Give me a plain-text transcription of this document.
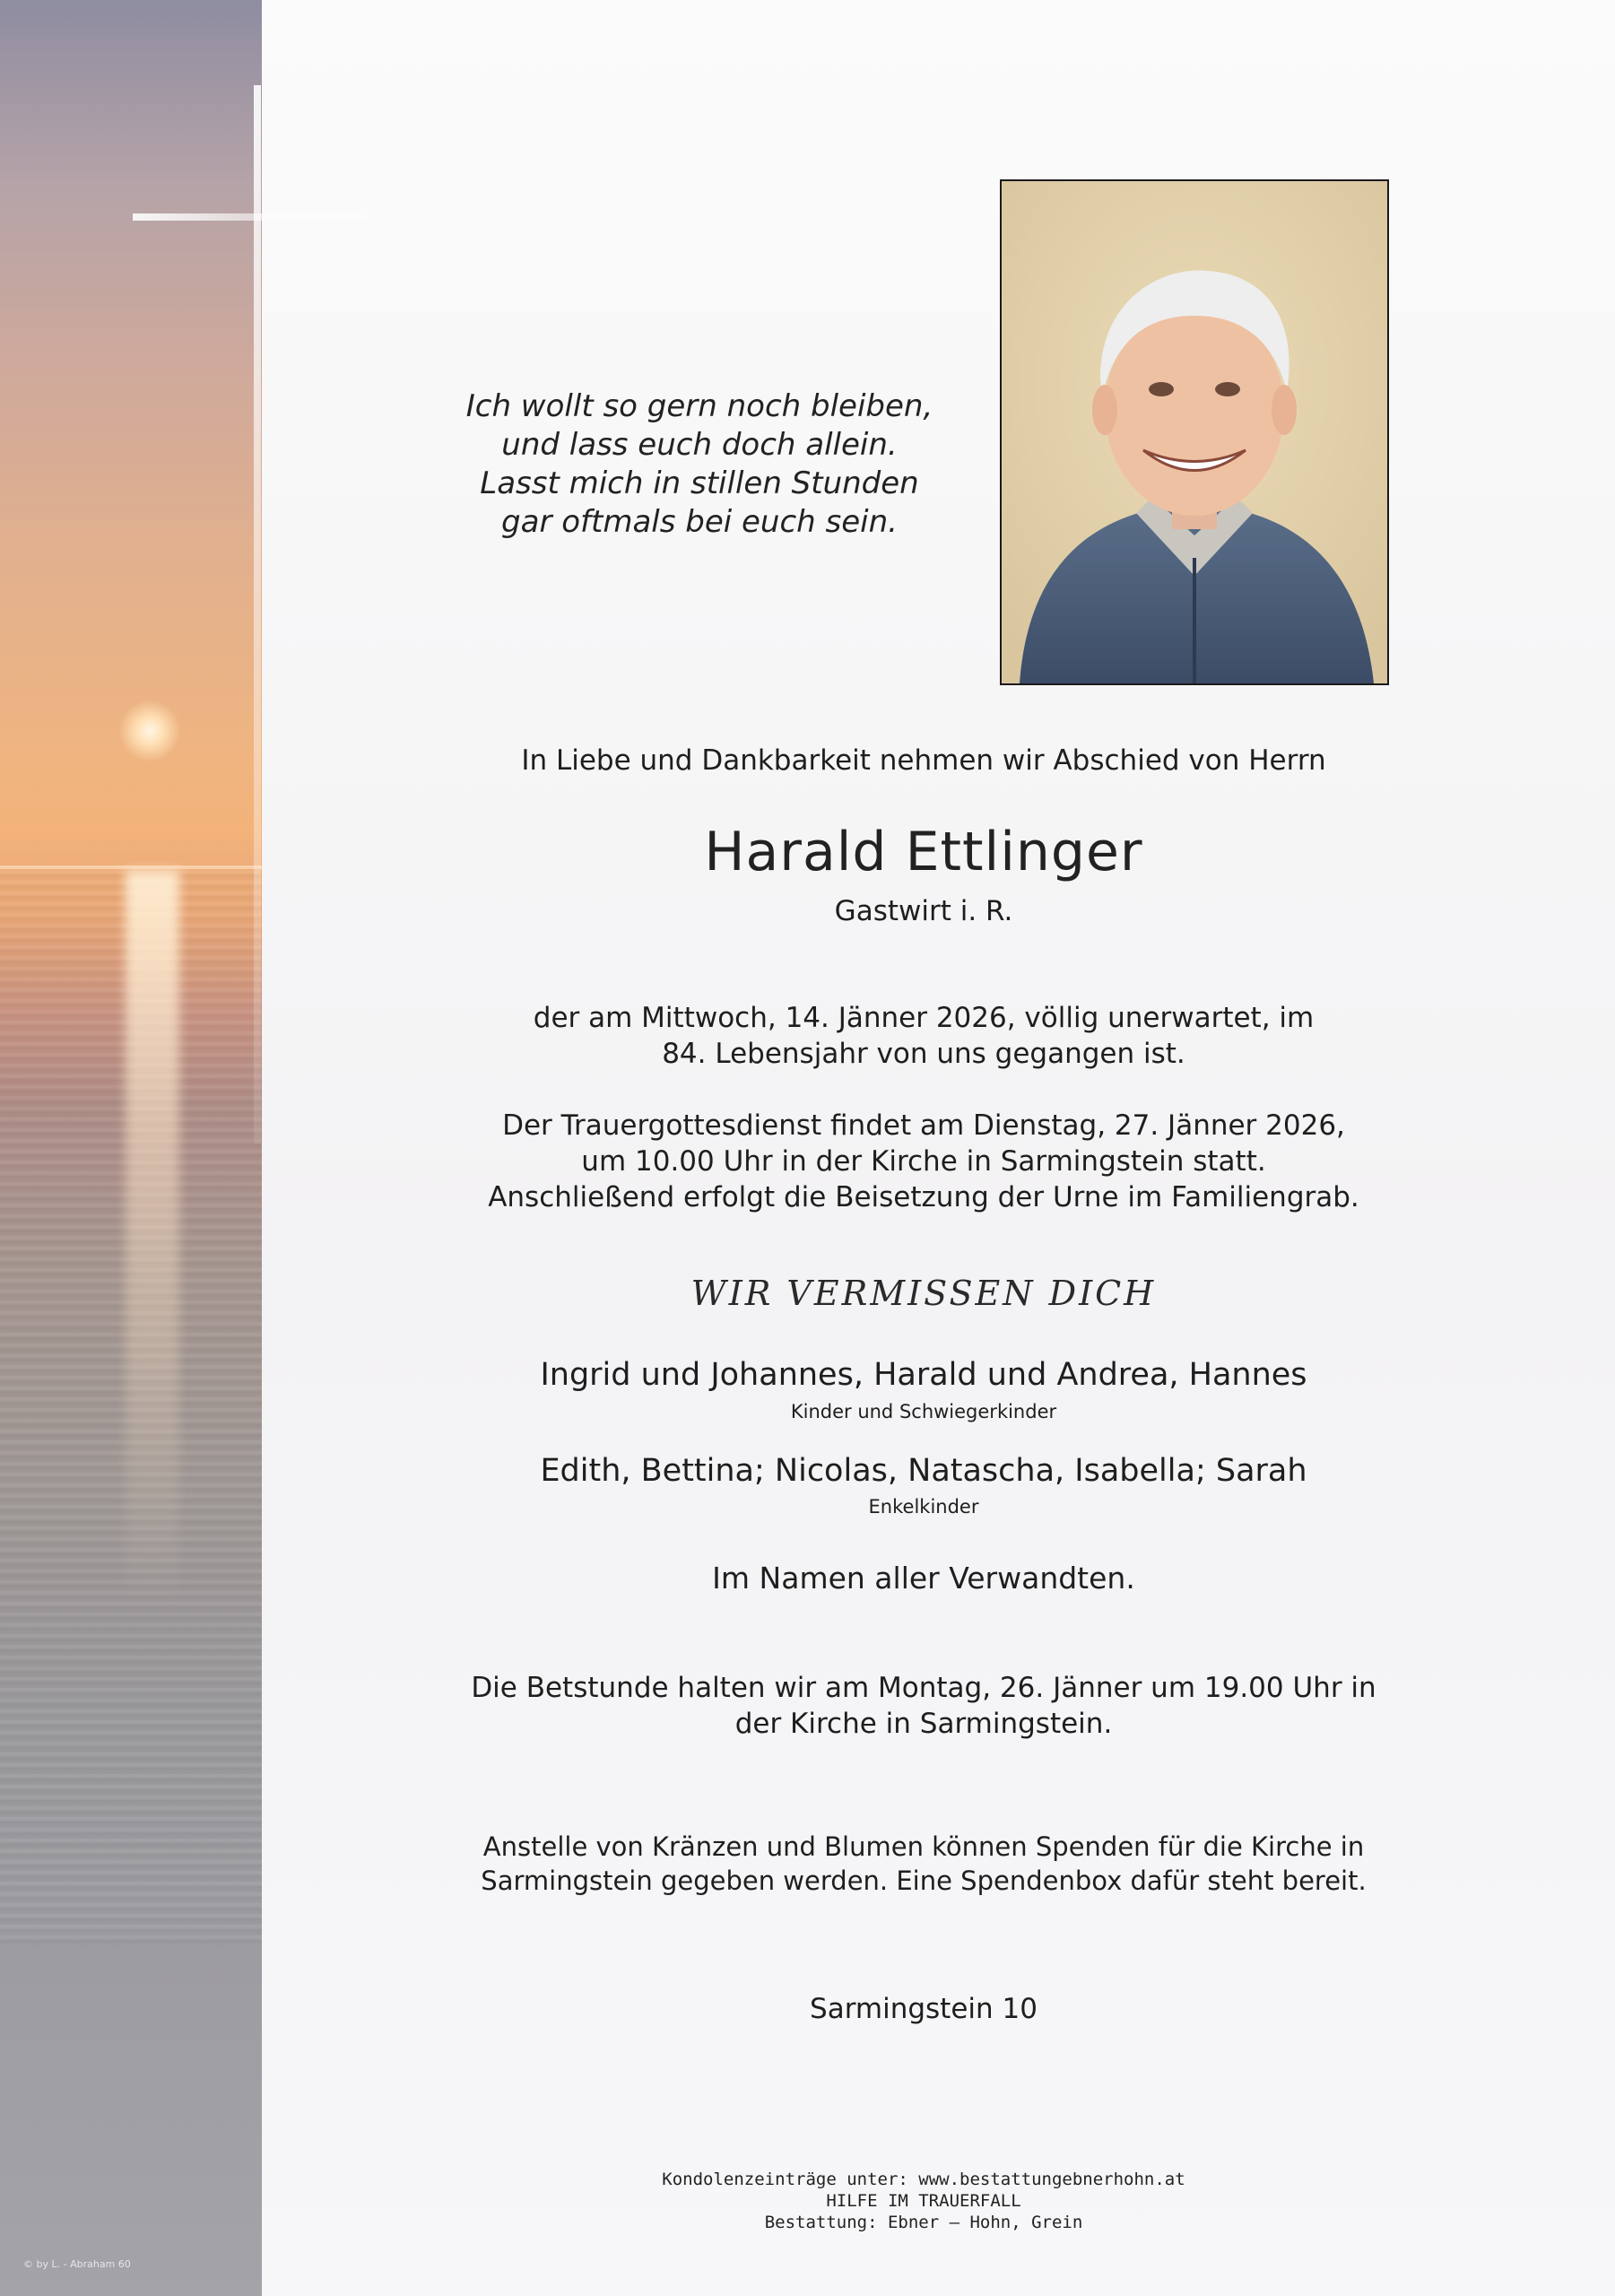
© by L. - Abraham 60
Ich wollt so gern noch bleiben,
und lass euch doch allein.
Lasst mich in stillen Stunden
gar oftmals bei euch sein.
In Liebe und Dankbarkeit nehmen wir Abschied von Herrn
Harald Ettlinger
Gastwirt i. R.
der am Mittwoch, 14. Jänner 2026, völlig unerwartet, im
84. Lebensjahr von uns gegangen ist.
Der Trauergottesdienst findet am Dienstag, 27. Jänner 2026,
um 10.00 Uhr in der Kirche in Sarmingstein statt.
Anschließend erfolgt die Beisetzung der Urne im Familiengrab.
WIR VERMISSEN DICH
Ingrid und Johannes, Harald und Andrea, Hannes
Kinder und Schwiegerkinder
Edith, Bettina; Nicolas, Natascha, Isabella; Sarah
Enkelkinder
Im Namen aller Verwandten.
Die Betstunde halten wir am Montag, 26. Jänner um 19.00 Uhr in
der Kirche in Sarmingstein.
Anstelle von Kränzen und Blumen können Spenden für die Kirche in
Sarmingstein gegeben werden. Eine Spendenbox dafür steht bereit.
Sarmingstein 10
Kondolenzeinträge unter: www.bestattungebnerhohn.at
HILFE IM TRAUERFALL
Bestattung: Ebner – Hohn, Grein
